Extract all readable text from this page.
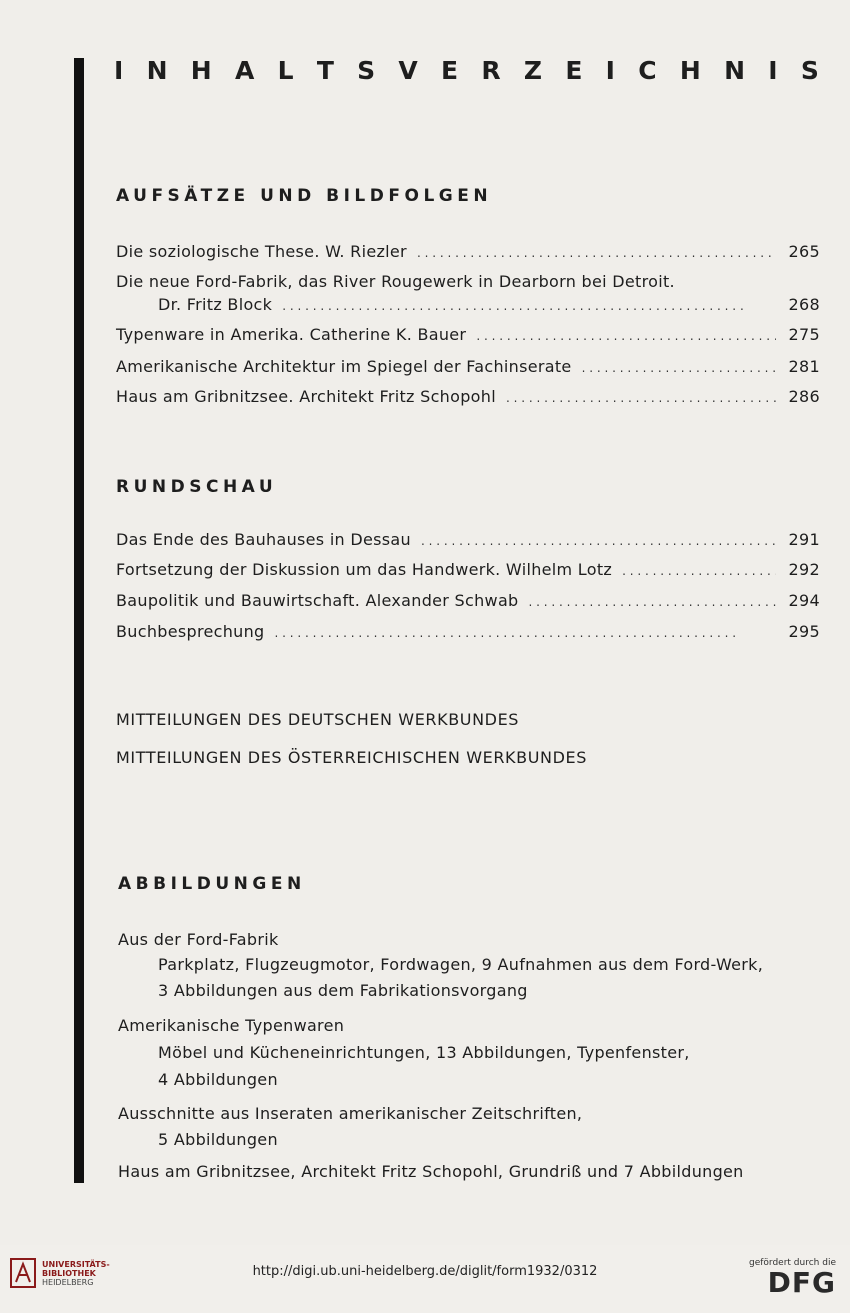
I N H A L T S V E R Z E I C H N I S
AUFSÄTZE UND BILDFOLGEN
Die soziologische These. W. Riezler . . .	265
Die neue Ford-Fabrik, das River Rougewerk in Dearborn bei Detroit.
Dr. Fritz Block . . .	268
Typenware in Amerika. Catherine K. Bauer . . .	275
Amerikanische Architektur im Spiegel der Fachinserate . . .	281
Haus am Gribnitzsee. Architekt Fritz Schopohl . . .	286
RUNDSCHAU
Das Ende des Bauhauses in Dessau . . .	291
Fortsetzung der Diskussion um das Handwerk. Wilhelm Lotz . . .	292
Baupolitik und Bauwirtschaft. Alexander Schwab . . .	294
Buchbesprechung . . .	295
MITTEILUNGEN DES DEUTSCHEN WERKBUNDES
MITTEILUNGEN DES ÖSTERREICHISCHEN WERKBUNDES
ABBILDUNGEN
Aus der Ford-Fabrik
Parkplatz, Flugzeugmotor, Fordwagen, 9 Aufnahmen aus dem Ford-Werk,
3 Abbildungen aus dem Fabrikationsvorgang
Amerikanische Typenwaren
Möbel und Kücheneinrichtungen, 13 Abbildungen, Typenfenster,
4 Abbildungen
Ausschnitte aus Inseraten amerikanischer Zeitschriften,
5 Abbildungen
Haus am Gribnitzsee, Architekt Fritz Schopohl, Grundriß und 7 Abbildungen
UNIVERSITÄTS-
BIBLIOTHEK
HEIDELBERG
http://digi.ub.uni-heidelberg.de/diglit/form1932/0312
gefördert durch die
DFG
